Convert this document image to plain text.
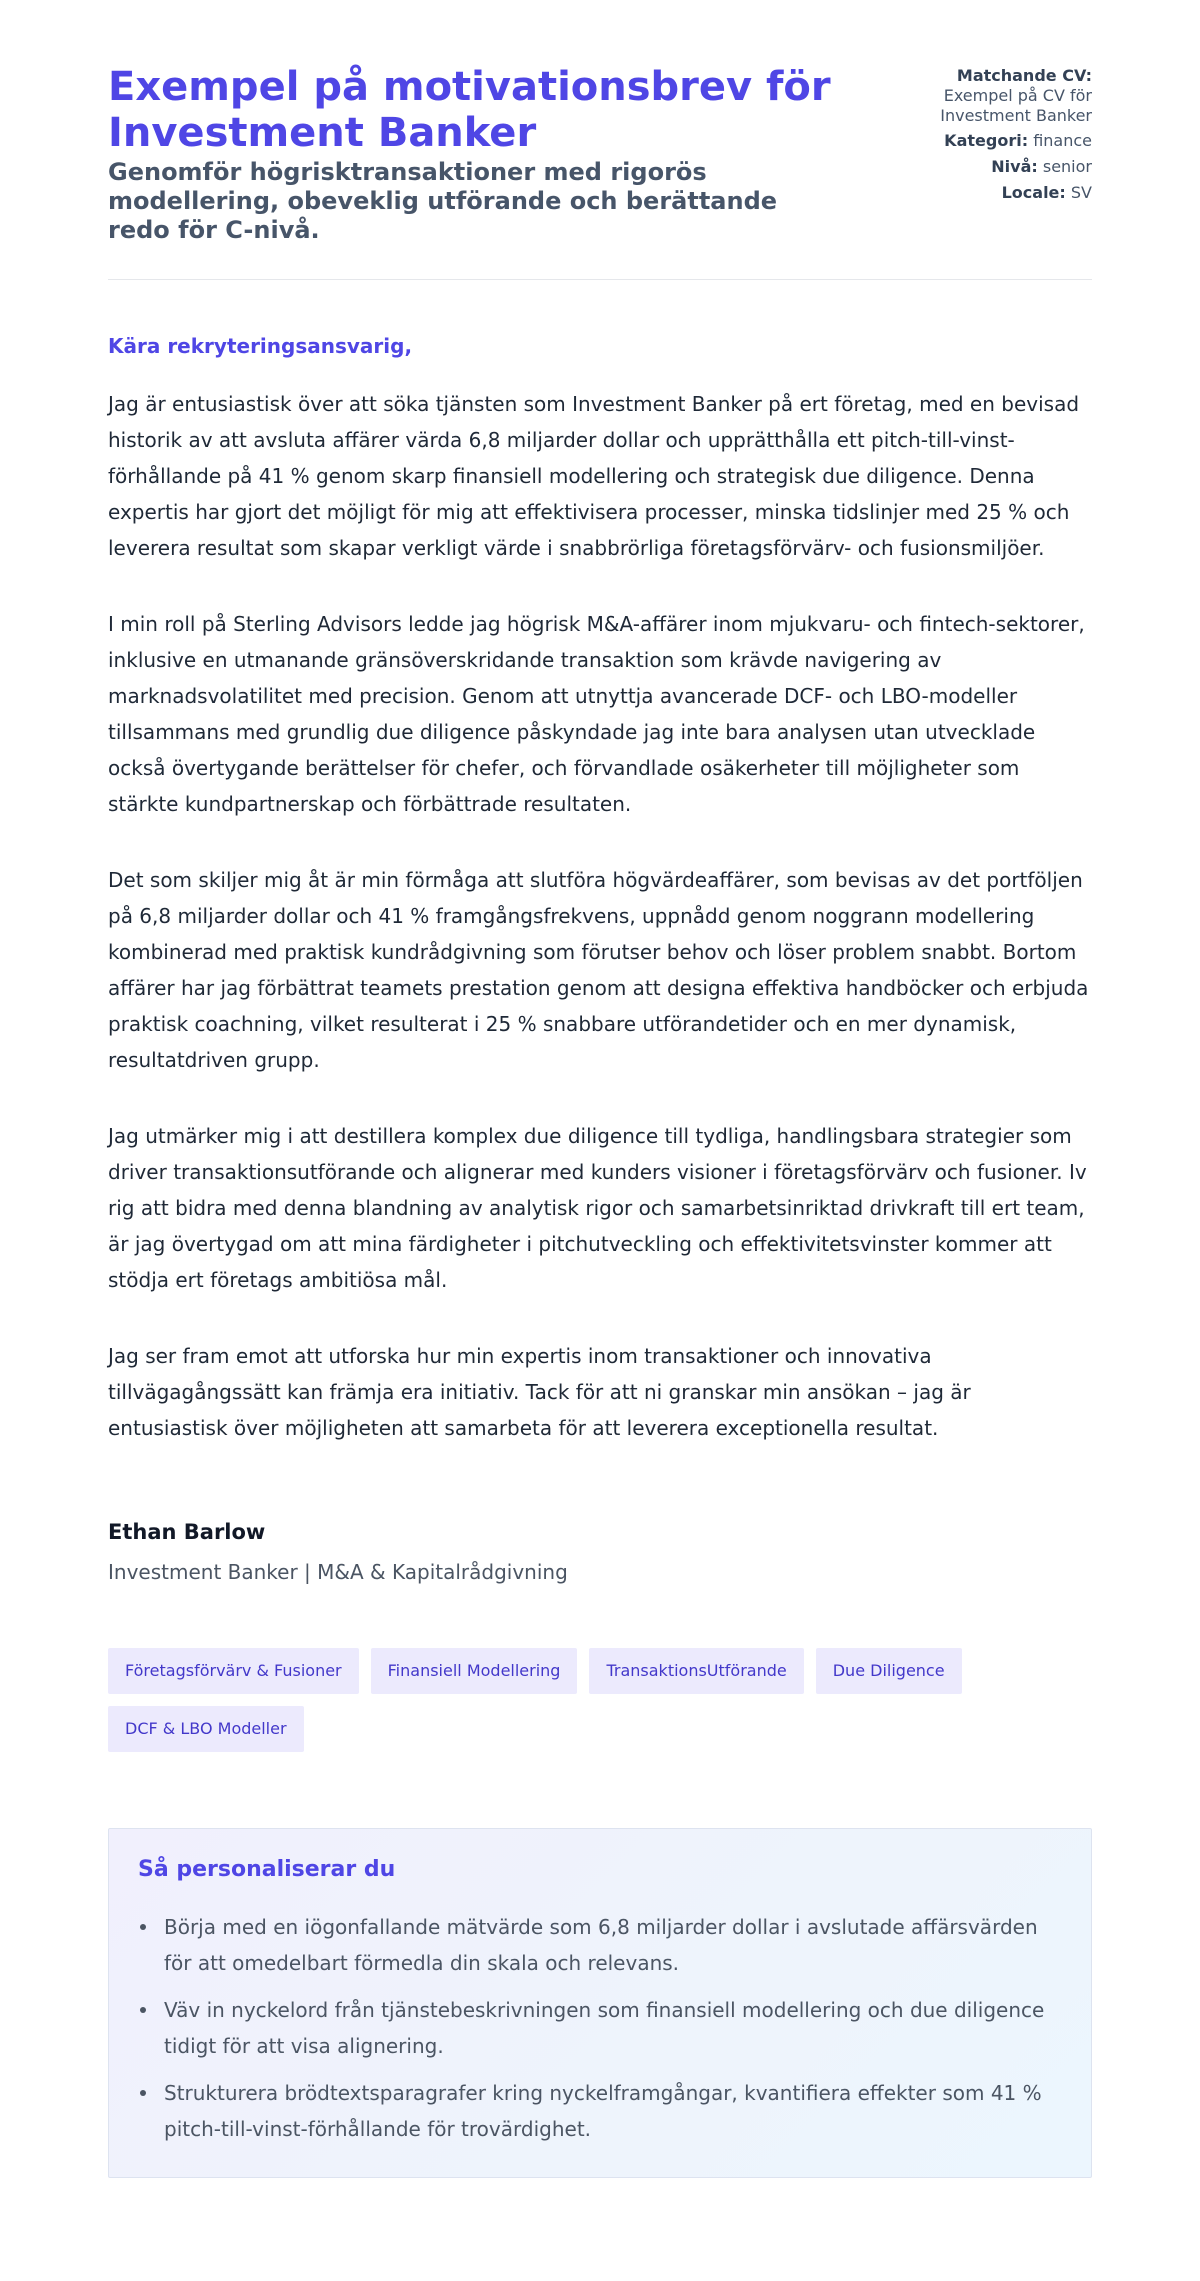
Exempel på motivationsbrev för Investment Banker
Genomför högrisktransaktioner med rigorös modellering, obeveklig utförande och berättande redo för C-nivå.
Matchande CV:
Exempel på CV för Investment Banker
Kategori: finance
Nivå: senior
Locale: SV
Kära rekryteringsansvarig,

Jag är entusiastisk över att söka tjänsten som Investment Banker på ert företag, med en bevisad historik av att avsluta affärer värda 6,8 miljarder dollar och upprätthålla ett pitch-till-vinst-förhållande på 41 % genom skarp finansiell modellering och strategisk due diligence. Denna expertis har gjort det möjligt för mig att effektivisera processer, minska tidslinjer med 25 % och leverera resultat som skapar verkligt värde i snabbrörliga företagsförvärv- och fusionsmiljöer.

I min roll på Sterling Advisors ledde jag högrisk M&A-affärer inom mjukvaru- och fintech-sektorer, inklusive en utmanande gränsöverskridande transaktion som krävde navigering av marknadsvolatilitet med precision. Genom att utnyttja avancerade DCF- och LBO-modeller tillsammans med grundlig due diligence påskyndade jag inte bara analysen utan utvecklade också övertygande berättelser för chefer, och förvandlade osäkerheter till möjligheter som stärkte kundpartnerskap och förbättrade resultaten.

Det som skiljer mig åt är min förmåga att slutföra högvärdeaffärer, som bevisas av det portföljen på 6,8 miljarder dollar och 41 % framgångsfrekvens, uppnådd genom noggrann modellering kombinerad med praktisk kundrådgivning som förutser behov och löser problem snabbt. Bortom affärer har jag förbättrat teamets prestation genom att designa effektiva handböcker och erbjuda praktisk coachning, vilket resulterat i 25 % snabbare utförandetider och en mer dynamisk, resultatdriven grupp.

Jag utmärker mig i att destillera komplex due diligence till tydliga, handlingsbara strategier som driver transaktionsutförande och alignerar med kunders visioner i företagsförvärv och fusioner. Iv rig att bidra med denna blandning av analytisk rigor och samarbetsinriktad drivkraft till ert team, är jag övertygad om att mina färdigheter i pitchutveckling och effektivitetsvinster kommer att stödja ert företags ambitiösa mål.

Jag ser fram emot att utforska hur min expertis inom transaktioner och innovativa tillvägagångssätt kan främja era initiativ. Tack för att ni granskar min ansökan – jag är entusiastisk över möjligheten att samarbeta för att leverera exceptionella resultat.

Ethan Barlow
Investment Banker | M&A & Kapitalrådgivning
Företagsförvärv & Fusioner	Finansiell Modellering	TransaktionsUtförande	Due Diligence
DCF & LBO Modeller
Så personaliserar du
Börja med en iögonfallande mätvärde som 6,8 miljarder dollar i avslutade affärsvärden för att omedelbart förmedla din skala och relevans.
Väv in nyckelord från tjänstebeskrivningen som finansiell modellering och due diligence tidigt för att visa alignering.
Strukturera brödtextsparagrafer kring nyckelframgångar, kvantifiera effekter som 41 % pitch-till-vinst-förhållande för trovärdighet.
